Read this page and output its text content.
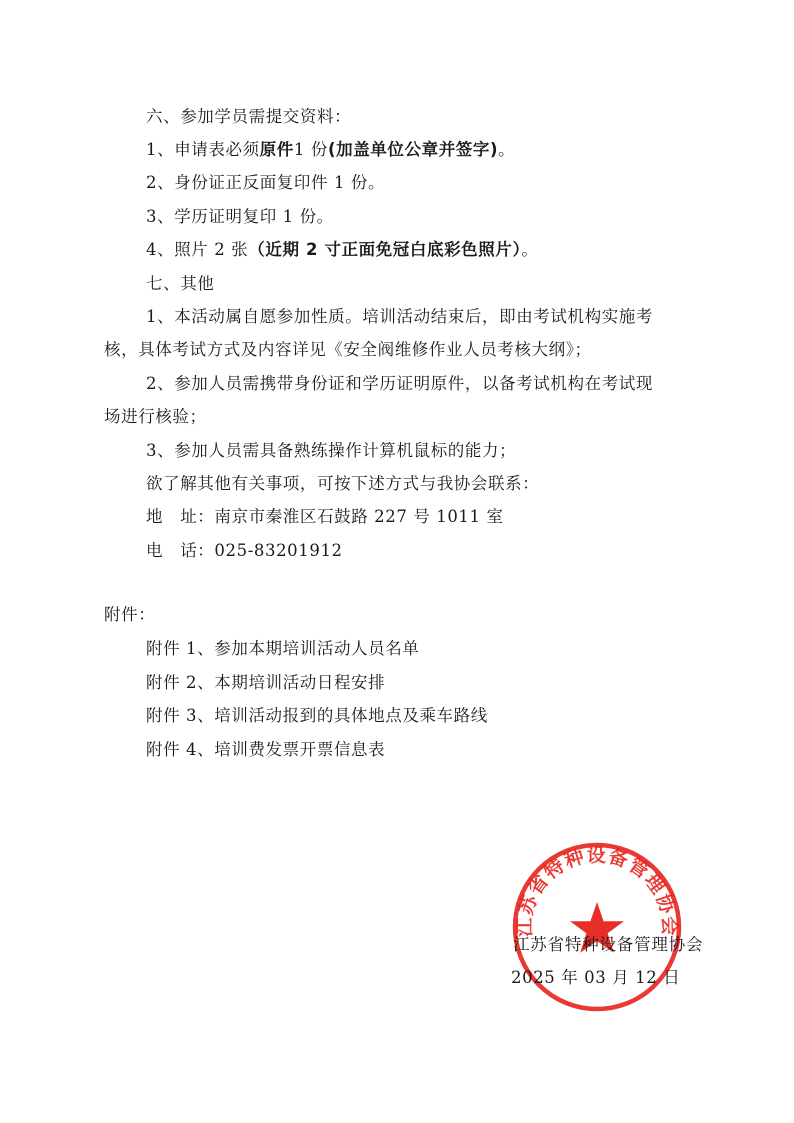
六、参加学员需提交资料：
1、申请表必须原件1 份(加盖单位公章并签字)。
2、身份证正反面复印件 1 份。
3、学历证明复印 1 份。
4、照片 2 张（近期 2 寸正面免冠白底彩色照片）。
七、其他
1、本活动属自愿参加性质。培训活动结束后，即由考试机构实施考
核，具体考试方式及内容详见《安全阀维修作业人员考核大纲》；
2、参加人员需携带身份证和学历证明原件，以备考试机构在考试现
场进行核验；
3、参加人员需具备熟练操作计算机鼠标的能力；
欲了解其他有关事项，可按下述方式与我协会联系：
地　址：南京市秦淮区石鼓路 227 号 1011 室
电　话：025-83201912
附件：
附件 1、参加本期培训活动人员名单
附件 2、本期培训活动日程安排
附件 3、培训活动报到的具体地点及乘车路线
附件 4、培训费发票开票信息表
江苏省特种设备管理协会
江苏省特种设备管理协会
2025 年 03 月 12 日
